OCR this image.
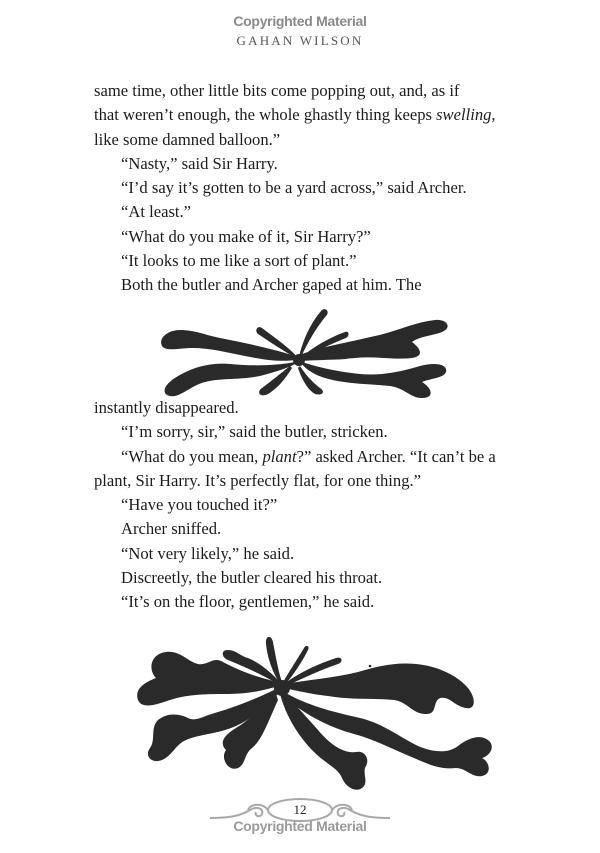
Copyrighted Material
GAHAN WILSON
same time, other little bits come popping out, and, as if
that weren’t enough, the whole ghastly thing keeps swelling,
like some damned balloon.”
“Nasty,” said Sir Harry.
“I’d say it’s gotten to be a yard across,” said Archer.
“At least.”
“What do you make of it, Sir Harry?”
“It looks to me like a sort of plant.”
Both the butler and Archer gaped at him. The
instantly disappeared.
“I’m sorry, sir,” said the butler, stricken.
“What do you mean, plant?” asked Archer. “It can’t be a
plant, Sir Harry. It’s perfectly flat, for one thing.”
“Have you touched it?”
Archer sniffed.
“Not very likely,” he said.
Discreetly, the butler cleared his throat.
“It’s on the floor, gentlemen,” he said.
12
Copyrighted Material
